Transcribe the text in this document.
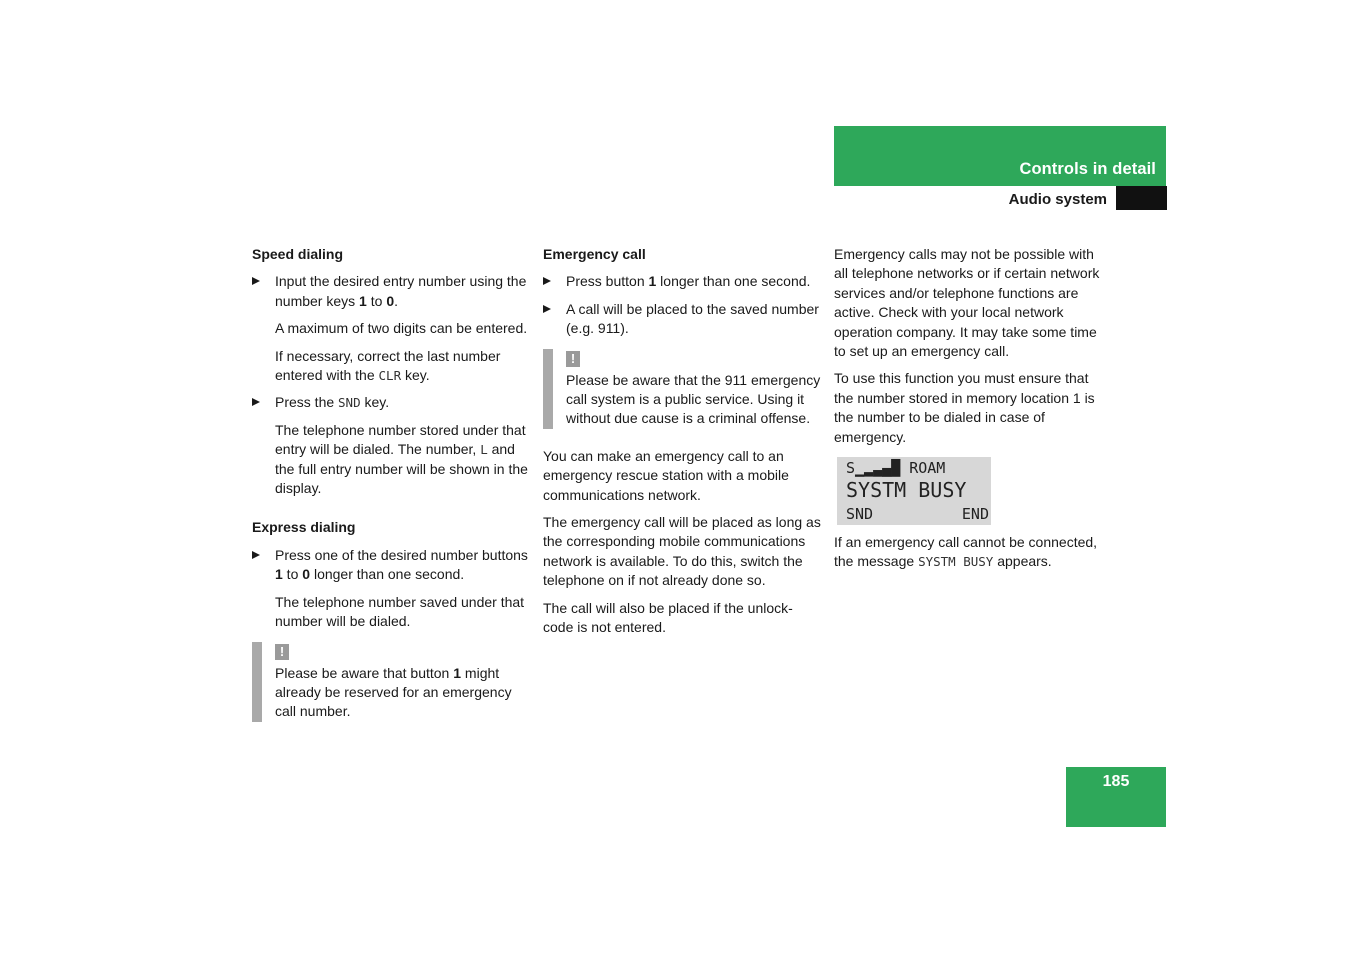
Controls in detail
Audio system
Speed dialing
Input the desired entry number using the number keys 1 to 0.
A maximum of two digits can be entered.
If necessary, correct the last number entered with the CLR key.
Press the SND key.
The telephone number stored under that entry will be dialed. The number, L and the full entry number will be shown in the display.
Express dialing
Press one of the desired number buttons 1 to 0 longer than one second.
The telephone number saved under that number will be dialed.
!
Please be aware that button 1 might already be reserved for an emergency call number.
Emergency call
Press button 1 longer than one second.
A call will be placed to the saved number (e.g. 911).
!
Please be aware that the 911 emergency call system is a public service. Using it without due cause is a criminal offense.

You can make an emergency call to an emergency rescue station with a mobile communications network.

The emergency call will be placed as long as the corresponding mobile communications network is available. To do this, switch the telephone on if not already done so.

The call will also be placed if the unlock-code is not entered.

Emergency calls may not be possible with all telephone networks or if certain network services and/or telephone functions are active. Check with your local network operation company. It may take some time to set up an emergency call.

To use this function you must ensure that the number stored in memory location 1 is the number to be dialed in case of emergency.

S▁▂▃▄█ ROAM
SYSTM BUSY
SND	END

If an emergency call cannot be connected, the message SYSTM BUSY appears.

185
